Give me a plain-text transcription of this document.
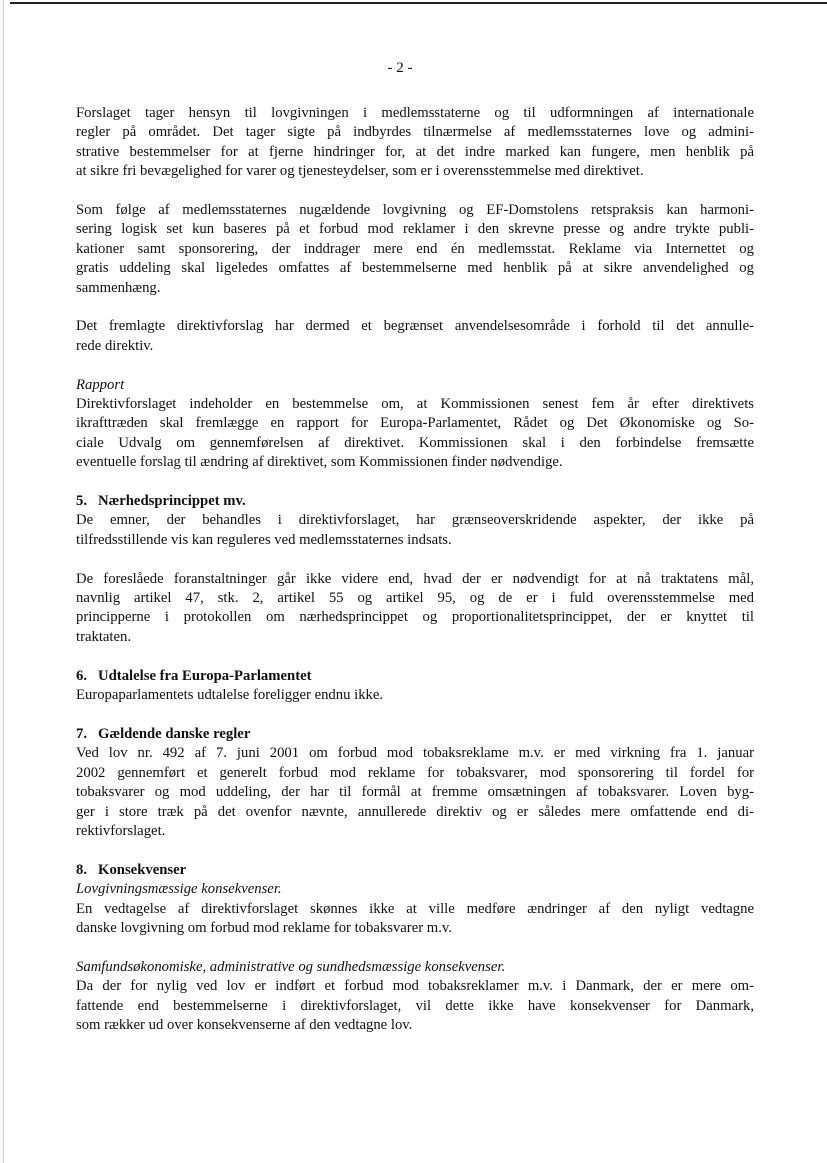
- 2 -

Forslaget tager hensyn til lovgivningen i medlemsstaterne og til udformningen af internationale
regler på området. Det tager sigte på indbyrdes tilnærmelse af medlemsstaternes love og admini-
strative bestemmelser for at fjerne hindringer for, at det indre marked kan fungere, men henblik på
at sikre fri bevægelighed for varer og tjenesteydelser, som er i overensstemmelse med direktivet.

Som følge af medlemsstaternes nugældende lovgivning og EF-Domstolens retspraksis kan harmoni-
sering logisk set kun baseres på et forbud mod reklamer i den skrevne presse og andre trykte publi-
kationer samt sponsorering, der inddrager mere end én medlemsstat. Reklame via Internettet og
gratis uddeling skal ligeledes omfattes af bestemmelserne med henblik på at sikre anvendelighed og
sammenhæng.

Det fremlagte direktivforslag har dermed et begrænset anvendelsesområde i forhold til det annulle-
rede direktiv.

Rapport
Direktivforslaget indeholder en bestemmelse om, at Kommissionen senest fem år efter direktivets
ikrafttræden skal fremlægge en rapport for Europa-Parlamentet, Rådet og Det Økonomiske og So-
ciale Udvalg om gennemførelsen af direktivet. Kommissionen skal i den forbindelse fremsætte
eventuelle forslag til ændring af direktivet, som Kommissionen finder nødvendige.
5.   Nærhedsprincippet mv.
De emner, der behandles i direktivforslaget, har grænseoverskridende aspekter, der ikke på
tilfredsstillende vis kan reguleres ved medlemsstaternes indsats.

De foreslåede foranstaltninger går ikke videre end, hvad der er nødvendigt for at nå traktatens mål,
navnlig artikel 47, stk. 2, artikel 55 og artikel 95, og de er i fuld overensstemmelse med
principperne i protokollen om nærhedsprincippet og proportionalitetsprincippet, der er knyttet til
traktaten.

6.   Udtalelse fra Europa-Parlamentet
Europaparlamentets udtalelse foreligger endnu ikke.
7.   Gældende danske regler
Ved lov nr. 492 af 7. juni 2001 om forbud mod tobaksreklame m.v. er med virkning fra 1. januar
2002 gennemført et generelt forbud mod reklame for tobaksvarer, mod sponsorering til fordel for
tobaksvarer og mod uddeling, der har til formål at fremme omsætningen af tobaksvarer. Loven byg-
ger i store træk på det ovenfor nævnte, annullerede direktiv og er således mere omfattende end di-
rektivforslaget.
8.   Konsekvenser
Lovgivningsmæssige konsekvenser.
En vedtagelse af direktivforslaget skønnes ikke at ville medføre ændringer af den nyligt vedtagne
danske lovgivning om forbud mod reklame for tobaksvarer m.v.
Samfundsøkonomiske, administrative og sundhedsmæssige konsekvenser.
Da der for nylig ved lov er indført et forbud mod tobaksreklamer m.v. i Danmark, der er mere om-
fattende end bestemmelserne i direktivforslaget, vil dette ikke have konsekvenser for Danmark,
som rækker ud over konsekvenserne af den vedtagne lov.
